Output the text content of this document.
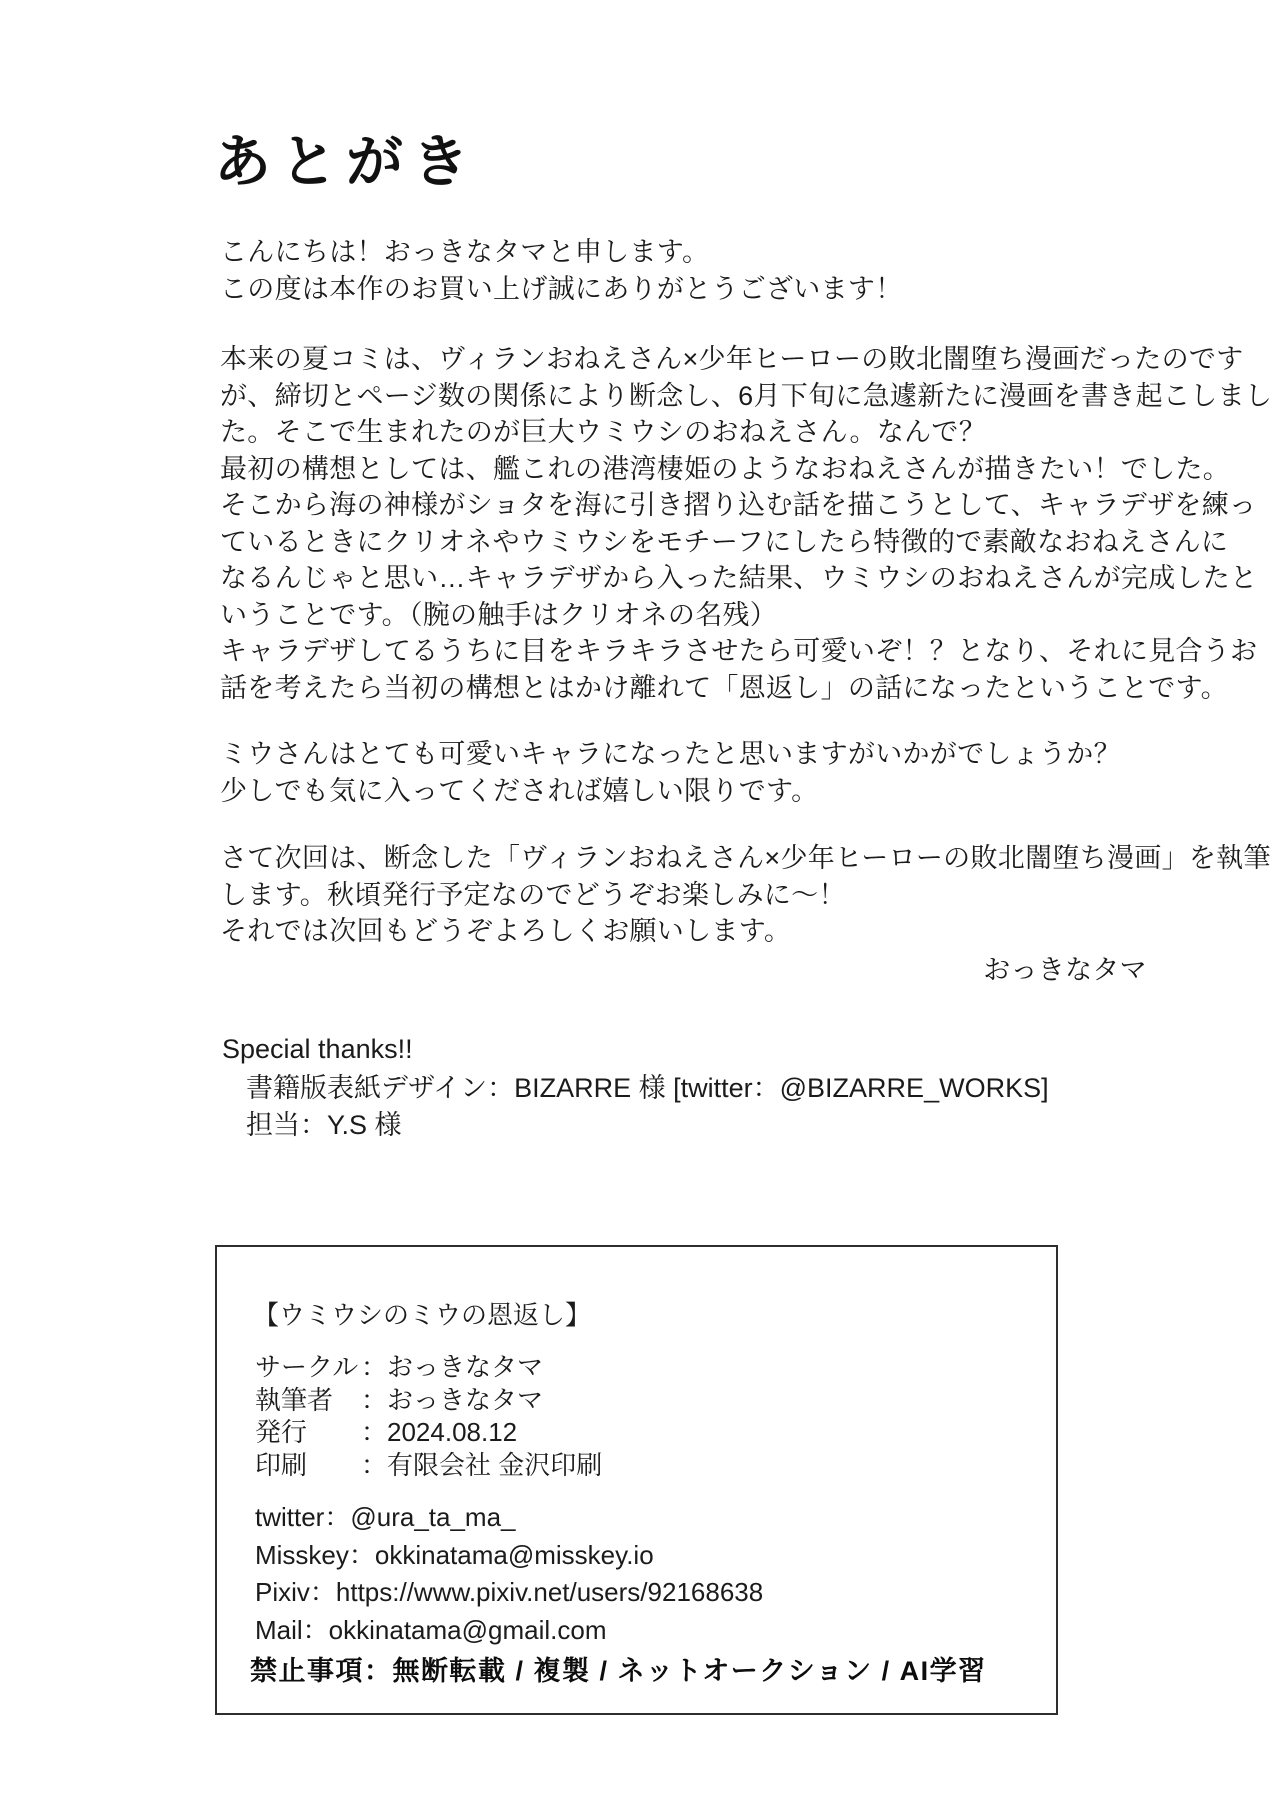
あとがき
こんにちは！おっきなタマと申します。
この度は本作のお買い上げ誠にありがとうございます！
本来の夏コミは、ヴィランおねえさん×少年ヒーローの敗北闇堕ち漫画だったのです
が、締切とページ数の関係により断念し、6月下旬に急遽新たに漫画を書き起こしまし
た。そこで生まれたのが巨大ウミウシのおねえさん。なんで？
最初の構想としては、艦これの港湾棲姫のようなおねえさんが描きたい！でした。
そこから海の神様がショタを海に引き摺り込む話を描こうとして、キャラデザを練っ
ているときにクリオネやウミウシをモチーフにしたら特徴的で素敵なおねえさんに
なるんじゃと思い…キャラデザから入った結果、ウミウシのおねえさんが完成したと
いうことです。（腕の触手はクリオネの名残）
キャラデザしてるうちに目をキラキラさせたら可愛いぞ！？となり、それに見合うお
話を考えたら当初の構想とはかけ離れて「恩返し」の話になったということです。
ミウさんはとても可愛いキャラになったと思いますがいかがでしょうか？
少しでも気に入ってくだされば嬉しい限りです。
さて次回は、断念した「ヴィランおねえさん×少年ヒーローの敗北闇堕ち漫画」を執筆
します。秋頃発行予定なのでどうぞお楽しみに～！
それでは次回もどうぞよろしくお願いします。
おっきなタマ
Special thanks!!
書籍版表紙デザイン：BIZARRE 様 [twitter：@BIZARRE_WORKS]
担当：Y.S 様
【ウミウシのミウの恩返し】
サークル ：おっきなタマ
執筆者 ：おっきなタマ
発行 ：2024.08.12
印刷 ：有限会社 金沢印刷
twitter：@ura_ta_ma_
Misskey：okkinatama@misskey.io
Pixiv：https://www.pixiv.net/users/92168638
Mail：okkinatama@gmail.com
禁止事項：無断転載 / 複製 / ネットオークション / AI学習
